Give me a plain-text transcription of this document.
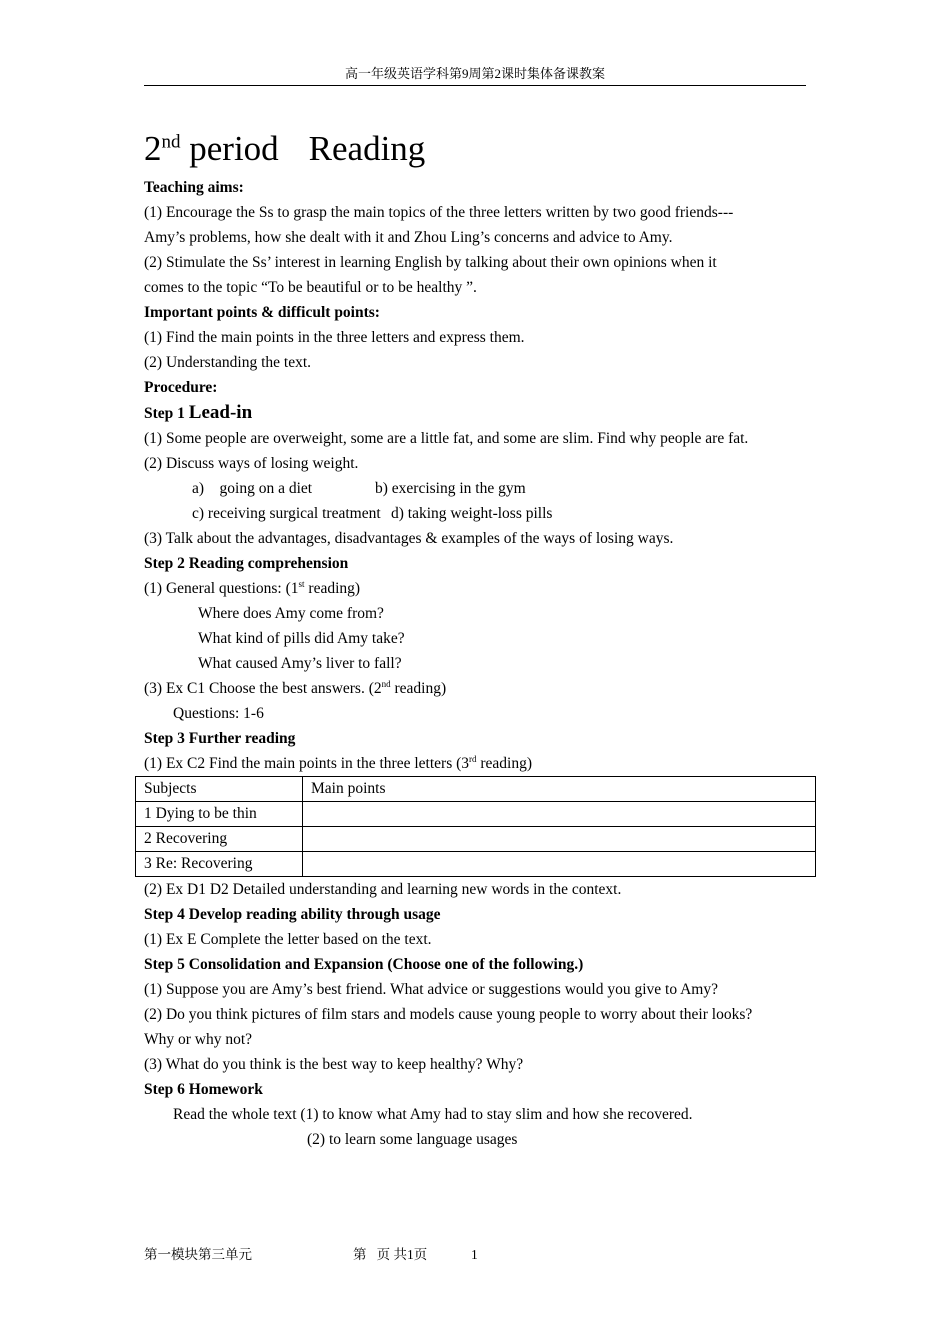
高一年级英语学科第9周第2课时集体备课教案
2nd period Reading
Teaching aims:
(1) Encourage the Ss to grasp the main topics of the three letters written by two good friends---
Amy’s problems, how she dealt with it and Zhou Ling’s concerns and advice to Amy.
(2) Stimulate the Ss’ interest in learning English by talking about their own opinions when it
comes to the topic “To be beautiful or to be healthy ”.
Important points & difficult points:
(1) Find the main points in the three letters and express them.
(2) Understanding the text.
Procedure:
Step 1 Lead-in
(1) Some people are overweight, some are a little fat, and some are slim. Find why people are fat.
(2) Discuss ways of losing weight.
a)    going on a diet	b) exercising in the gym
c) receiving surgical treatment d) taking weight-loss pills
(3) Talk about the advantages, disadvantages & examples of the ways of losing ways.
Step 2 Reading comprehension
(1) General questions: (1st reading)
Where does Amy come from?
What kind of pills did Amy take?
What caused Amy’s liver to fall?
(3) Ex C1 Choose the best answers. (2nd reading)
Questions: 1-6
Step 3 Further reading
(1) Ex C2 Find the main points in the three letters (3rd reading)
Subjects	Main points
1 Dying to be thin	
2 Recovering	
3 Re: Recovering	
(2) Ex D1 D2 Detailed understanding and learning new words in the context.
Step 4 Develop reading ability through usage
(1) Ex E Complete the letter based on the text.
Step 5 Consolidation and Expansion (Choose one of the following.)
(1) Suppose you are Amy’s best friend. What advice or suggestions would you give to Amy?
(2) Do you think pictures of film stars and models cause young people to worry about their looks?
Why or why not?
(3) What do you think is the best way to keep healthy? Why?
Step 6 Homework
Read the whole text (1) to know what Amy had to stay slim and how she recovered.
(2) to learn some language usages
第一模块第三单元	第   页 共1页	1
